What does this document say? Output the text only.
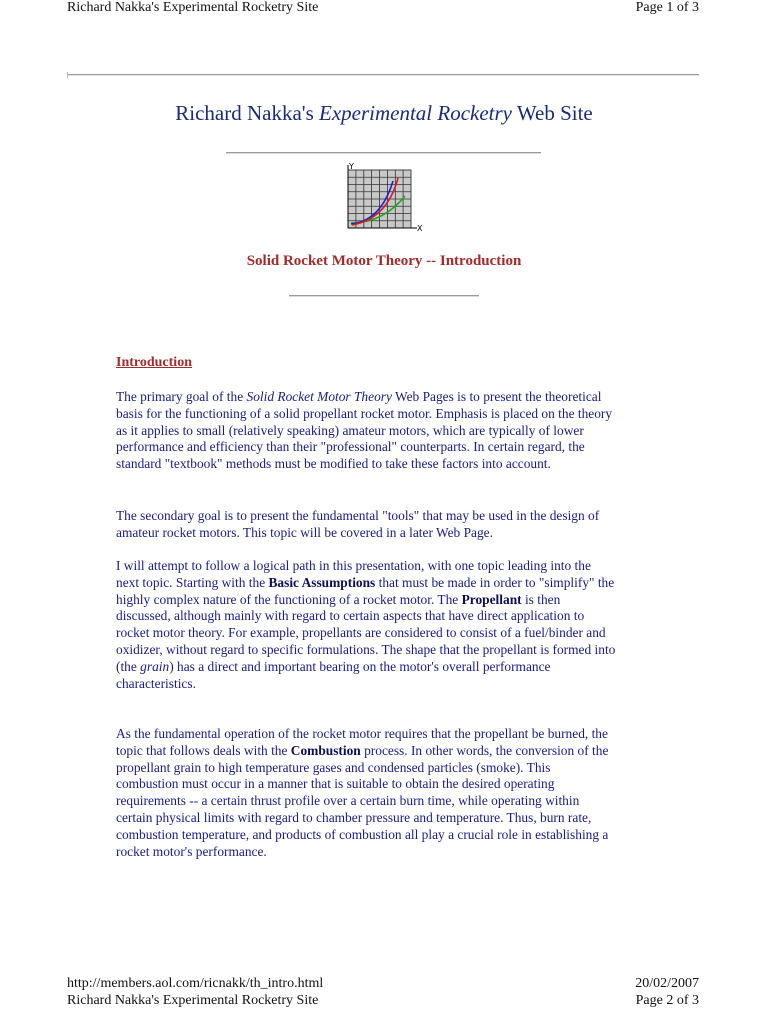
Richard Nakka's Experimental Rocketry Site	Page 1 of 3
Richard Nakka's Experimental Rocketry Web Site
Y
X
Solid Rocket Motor Theory -- Introduction
Introduction
The primary goal of the Solid Rocket Motor Theory Web Pages is to present the theoretical basis for the functioning of a solid propellant rocket motor. Emphasis is placed on the theory as it applies to small (relatively speaking) amateur motors, which are typically of lower performance and efficiency than their "professional" counterparts. In certain regard, the standard "textbook" methods must be modified to take these factors into account.
The secondary goal is to present the fundamental "tools" that may be used in the design of amateur rocket motors. This topic will be covered in a later Web Page.
I will attempt to follow a logical path in this presentation, with one topic leading into the next topic. Starting with the Basic Assumptions that must be made in order to "simplify" the highly complex nature of the functioning of a rocket motor. The Propellant is then discussed, although mainly with regard to certain aspects that have direct application to rocket motor theory. For example, propellants are considered to consist of a fuel/binder and oxidizer, without regard to specific formulations. The shape that the propellant is formed into (the grain) has a direct and important bearing on the motor's overall performance characteristics.
As the fundamental operation of the rocket motor requires that the propellant be burned, the topic that follows deals with the Combustion process. In other words, the conversion of the propellant grain to high temperature gases and condensed particles (smoke). This combustion must occur in a manner that is suitable to obtain the desired operating requirements -- a certain thrust profile over a certain burn time, while operating within certain physical limits with regard to chamber pressure and temperature. Thus, burn rate, combustion temperature, and products of combustion all play a crucial role in establishing a rocket motor's performance.
http://members.aol.com/ricnakk/th_intro.html	20/02/2007
Richard Nakka's Experimental Rocketry Site	Page 2 of 3
